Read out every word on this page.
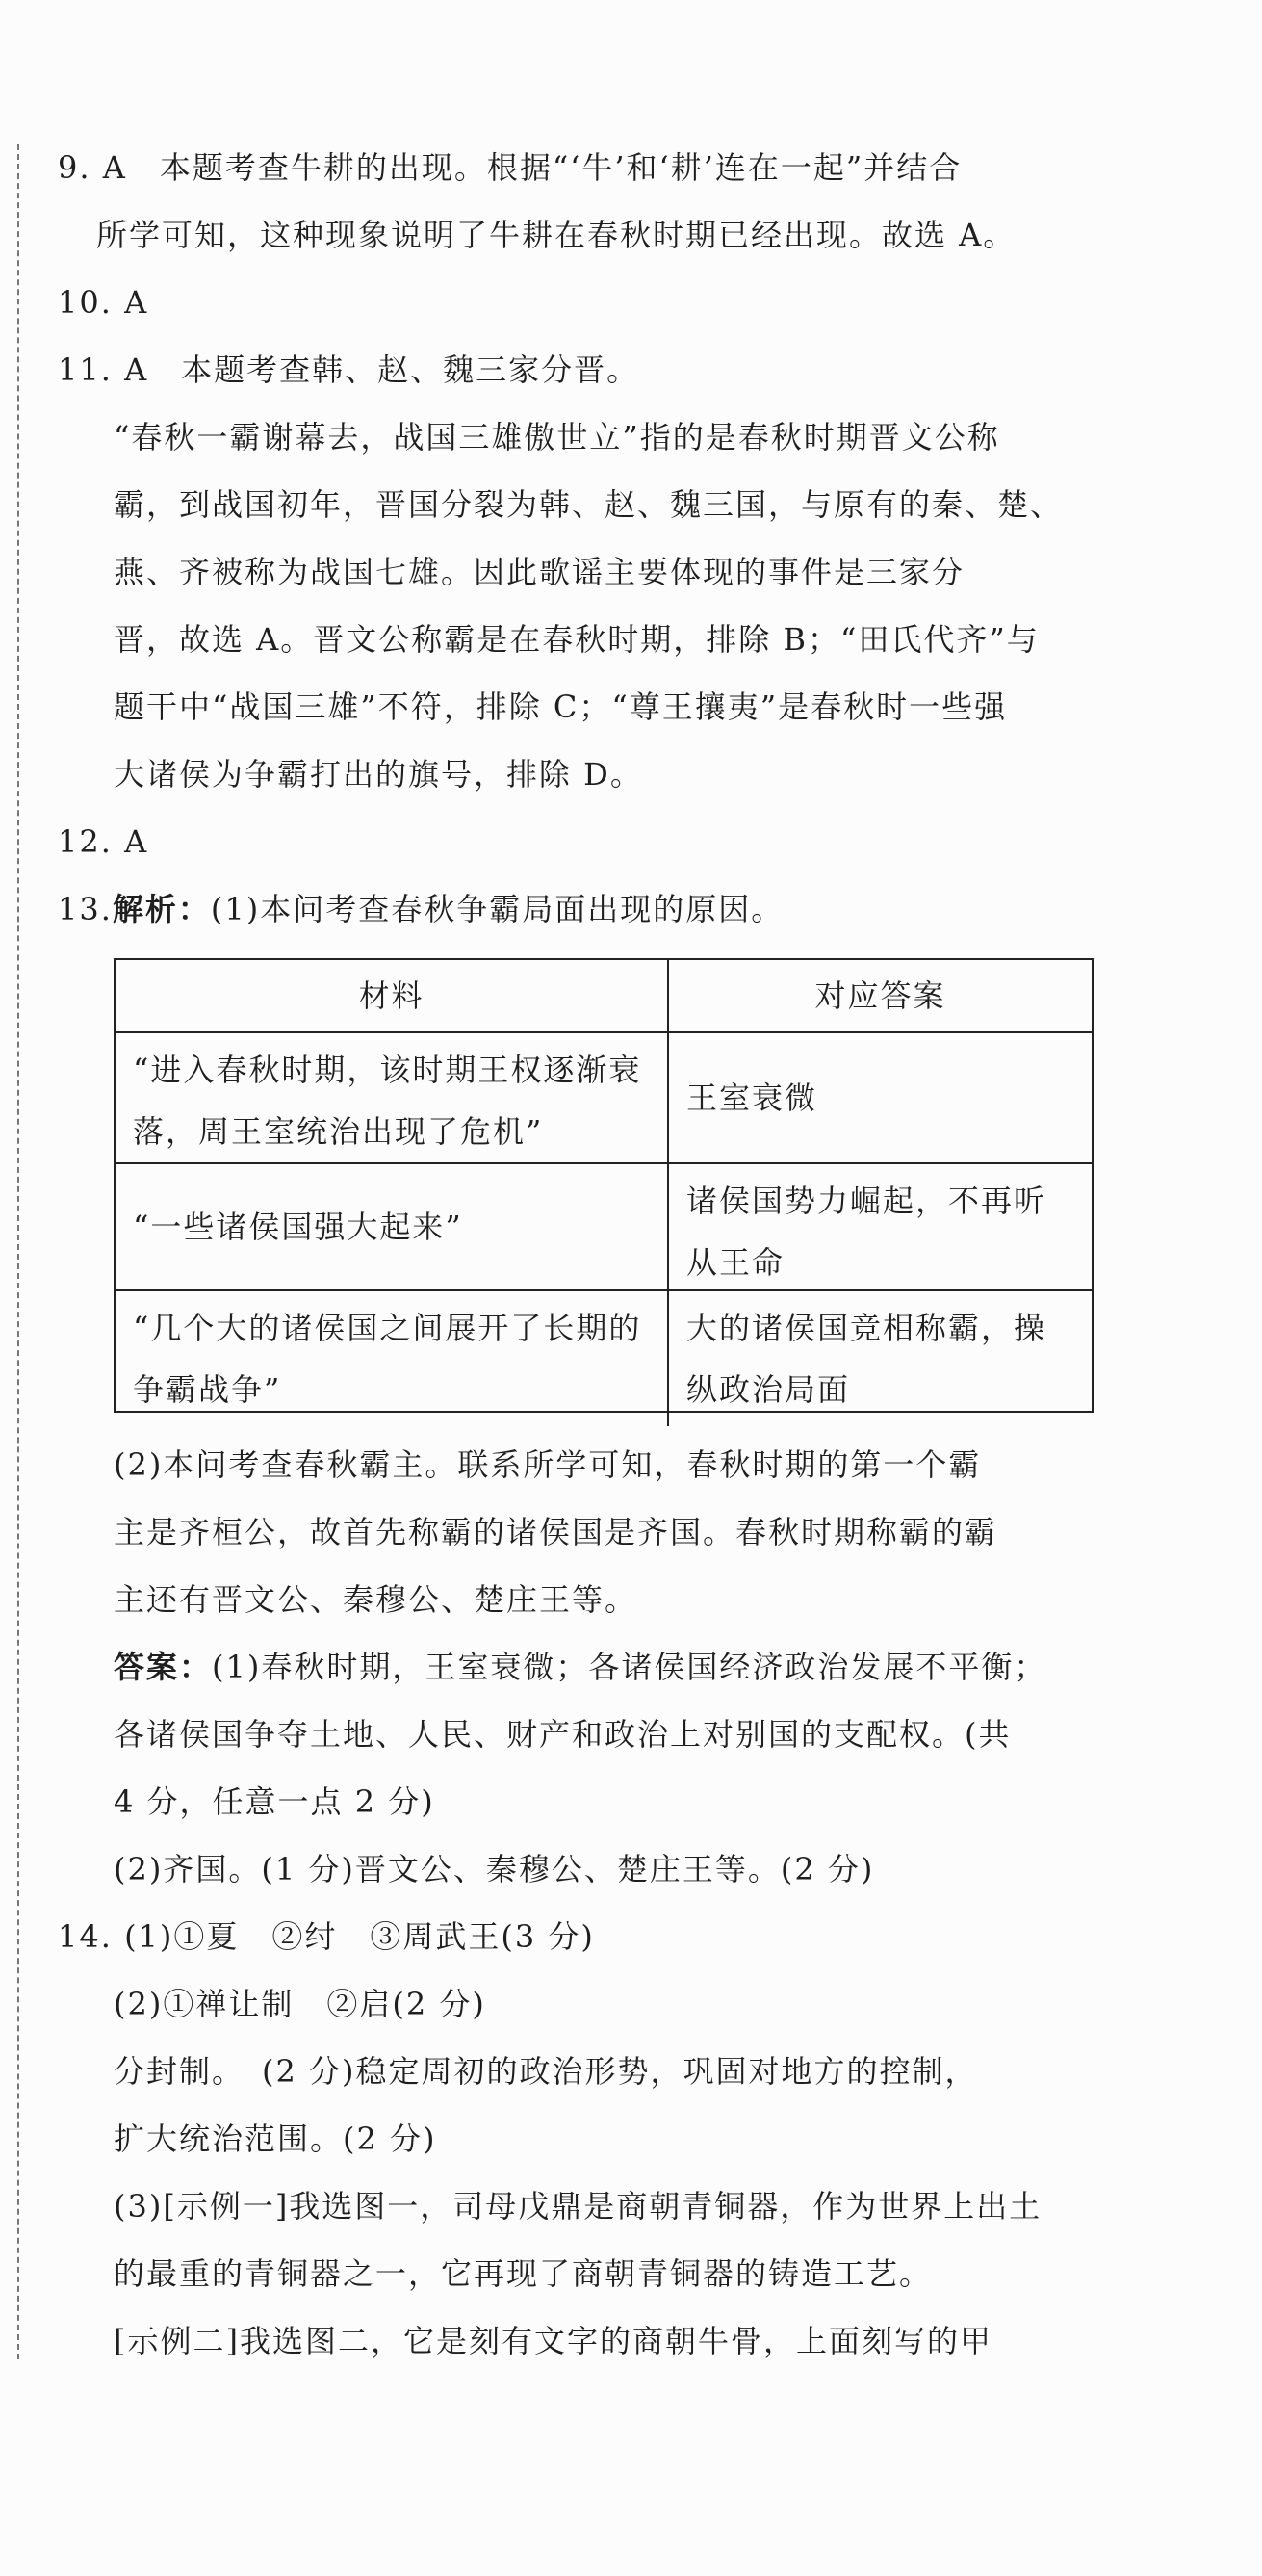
9. A　本题考查牛耕的出现。根据“‘牛’和‘耕’连在一起”并结合
所学可知，这种现象说明了牛耕在春秋时期已经出现。故选 A。
10. A
11. A　本题考查韩、赵、魏三家分晋。
“春秋一霸谢幕去，战国三雄傲世立”指的是春秋时期晋文公称
霸，到战国初年，晋国分裂为韩、赵、魏三国，与原有的秦、楚、
燕、齐被称为战国七雄。因此歌谣主要体现的事件是三家分
晋，故选 A。晋文公称霸是在春秋时期，排除 B；“田氏代齐”与
题干中“战国三雄”不符，排除 C；“尊王攘夷”是春秋时一些强
大诸侯为争霸打出的旗号，排除 D。
12. A
13.解析：(1)本问考查春秋争霸局面出现的原因。
材料	对应答案
“进入春秋时期，该时期王权逐渐衰落，周王室统治出现了危机”
王室衰微
“一些诸侯国强大起来”
诸侯国势力崛起，不再听从王命
“几个大的诸侯国之间展开了长期的争霸战争”
大的诸侯国竞相称霸，操纵政治局面
(2)本问考查春秋霸主。联系所学可知，春秋时期的第一个霸
主是齐桓公，故首先称霸的诸侯国是齐国。春秋时期称霸的霸
主还有晋文公、秦穆公、楚庄王等。
答案：(1)春秋时期，王室衰微；各诸侯国经济政治发展不平衡；
各诸侯国争夺土地、人民、财产和政治上对别国的支配权。(共
4 分，任意一点 2 分)
(2)齐国。(1 分)晋文公、秦穆公、楚庄王等。(2 分)
14. (1)①夏　②纣　③周武王(3 分)
(2)①禅让制　②启(2 分)
分封制。　(2 分)稳定周初的政治形势，巩固对地方的控制，
扩大统治范围。(2 分)
(3)[示例一]我选图一，司母戊鼎是商朝青铜器，作为世界上出土
的最重的青铜器之一，它再现了商朝青铜器的铸造工艺。
[示例二]我选图二，它是刻有文字的商朝牛骨，上面刻写的甲
